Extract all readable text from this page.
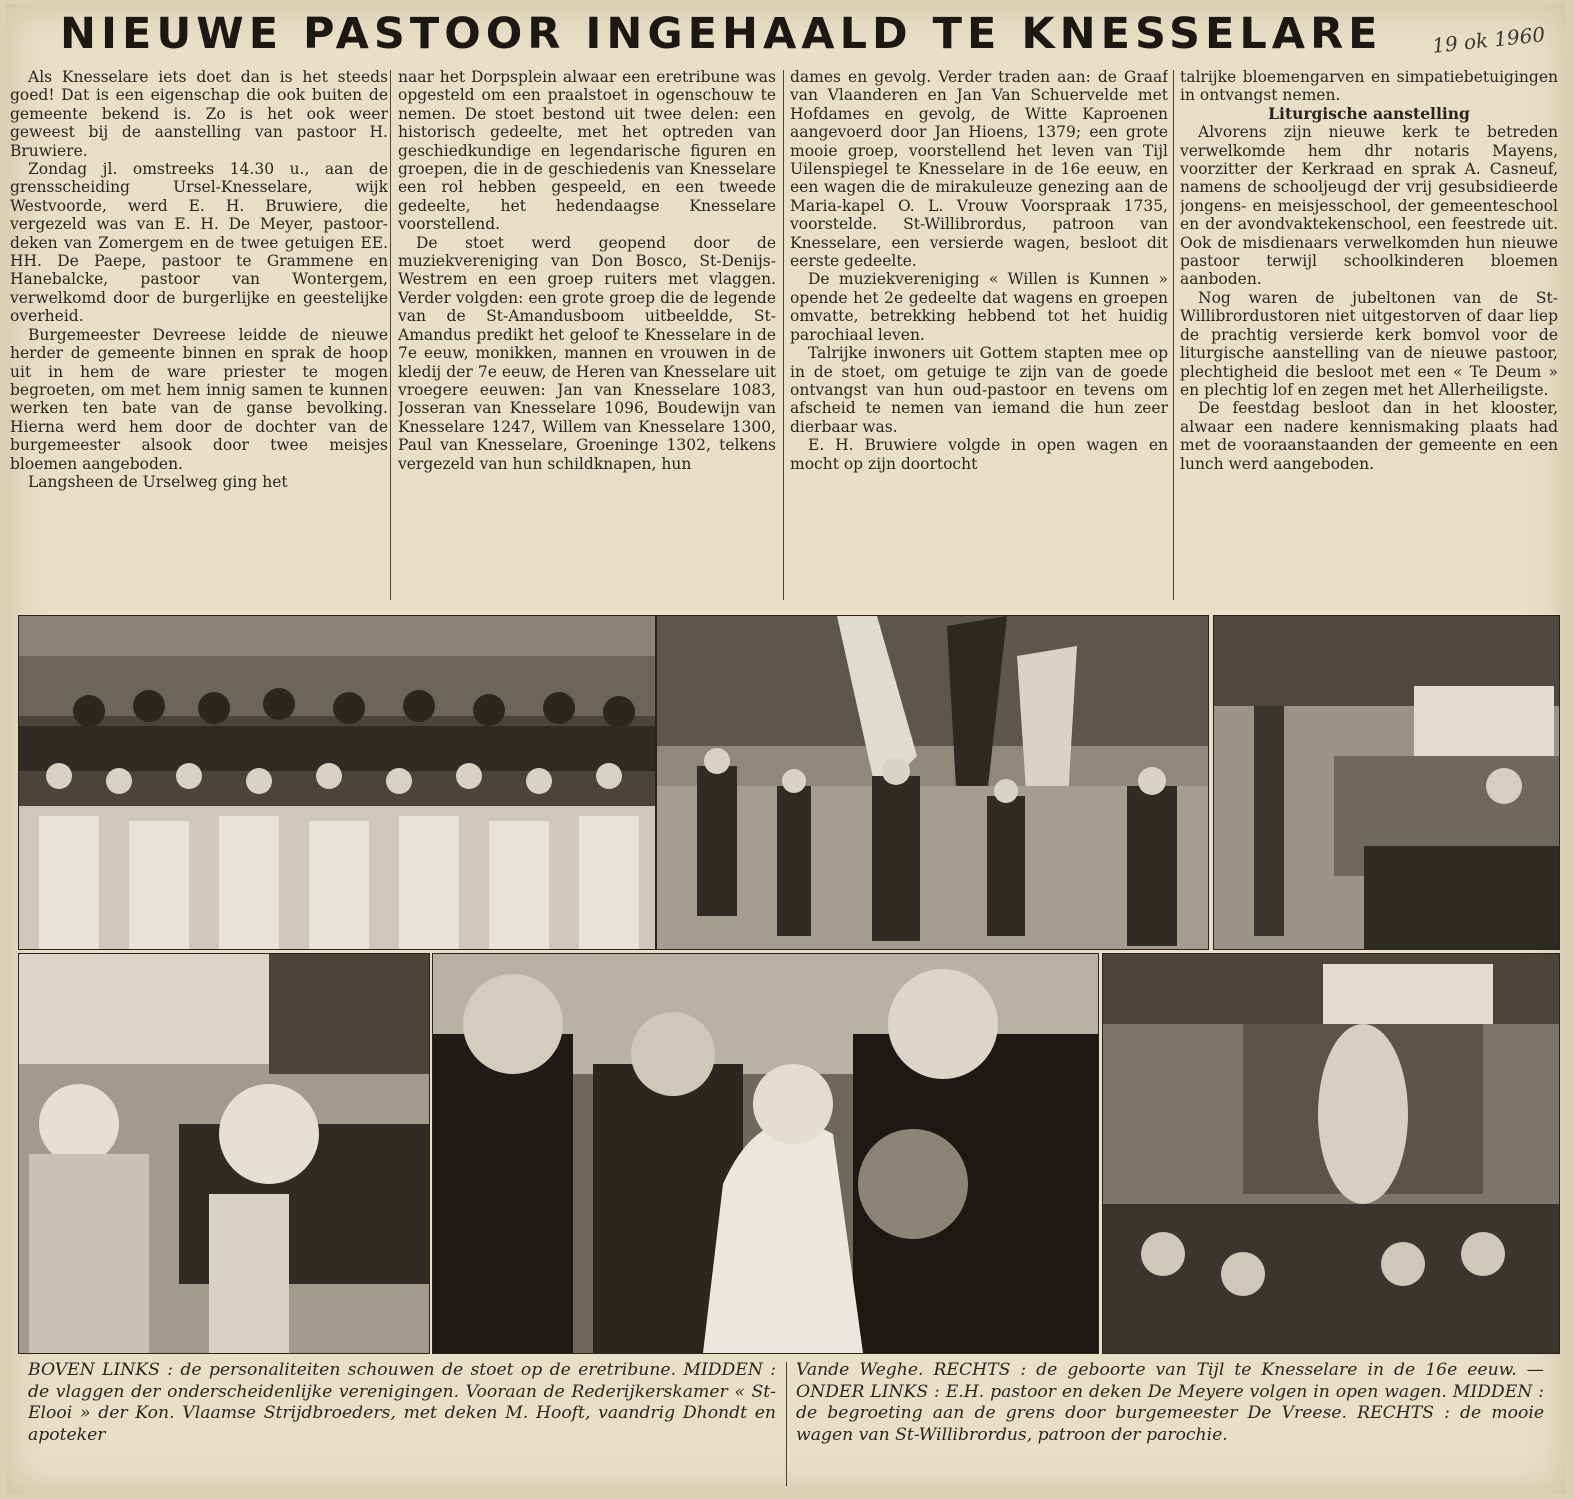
NIEUWE PASTOOR INGEHAALD TE KNESSELARE	19 ok 1960

Als Knesselare iets doet dan is het steeds goed! Dat is een eigenschap die ook buiten de gemeente bekend is. Zo is het ook weer geweest bij de aanstelling van pastoor H. Bruwiere.

Zondag jl. omstreeks 14.30 u., aan de grensscheiding Ursel-Knesselare, wijk Westvoorde, werd E. H. Bruwiere, die vergezeld was van E. H. De Meyer, pastoor-deken van Zomergem en de twee getuigen EE. HH. De Paepe, pastoor te Grammene en Hanebalcke, pastoor van Wontergem, verwelkomd door de burgerlijke en geestelijke overheid.

Burgemeester Devreese leidde de nieuwe herder de gemeente binnen en sprak de hoop uit in hem de ware priester te mogen begroeten, om met hem innig samen te kunnen werken ten bate van de ganse bevolking. Hierna werd hem door de dochter van de burgemeester alsook door twee meisjes bloemen aangeboden.

Langsheen de Urselweg ging het

naar het Dorpsplein alwaar een eretribune was opgesteld om een praalstoet in ogenschouw te nemen. De stoet bestond uit twee delen: een historisch gedeelte, met het optreden van geschiedkundige en legendarische figuren en groepen, die in de geschiedenis van Knesselare een rol hebben gespeeld, en een tweede gedeelte, het hedendaagse Knesselare voorstellend.

De stoet werd geopend door de muziekvereniging van Don Bosco, St-Denijs-Westrem en een groep ruiters met vlaggen. Verder volgden: een grote groep die de legende van de St-Amandusboom uitbeeldde, St-Amandus predikt het geloof te Knesselare in de 7e eeuw, monikken, mannen en vrouwen in de kledij der 7e eeuw, de Heren van Knesselare uit vroegere eeuwen: Jan van Knesselare 1083, Josseran van Knesselare 1096, Boudewijn van Knesselare 1247, Willem van Knesselare 1300, Paul van Knesselare, Groeninge 1302, telkens vergezeld van hun schildknapen, hun

dames en gevolg. Verder traden aan: de Graaf van Vlaanderen en Jan Van Schuervelde met Hofdames en gevolg, de Witte Kaproenen aangevoerd door Jan Hioens, 1379; een grote mooie groep, voorstellend het leven van Tijl Uilenspiegel te Knesselare in de 16e eeuw, en een wagen die de mirakuleuze genezing aan de Maria-kapel O. L. Vrouw Voorspraak 1735, voorstelde. St-Willibrordus, patroon van Knesselare, een versierde wagen, besloot dit eerste gedeelte.

De muziekvereniging « Willen is Kunnen » opende het 2e gedeelte dat wagens en groepen omvatte, betrekking hebbend tot het huidig parochiaal leven.

Talrijke inwoners uit Gottem stapten mee op in de stoet, om getuige te zijn van de goede ontvangst van hun oud-pastoor en tevens om afscheid te nemen van iemand die hun zeer dierbaar was.

E. H. Bruwiere volgde in open wagen en mocht op zijn doortocht

talrijke bloemengarven en simpatiebetuigingen in ontvangst nemen.

Liturgische aanstelling

Alvorens zijn nieuwe kerk te betreden verwelkomde hem dhr notaris Mayens, voorzitter der Kerkraad en sprak A. Casneuf, namens de schooljeugd der vrij gesubsidieerde jongens- en meisjesschool, der gemeenteschool en der avondvaktekenschool, een feestrede uit. Ook de misdienaars verwelkomden hun nieuwe pastoor terwijl schoolkinderen bloemen aanboden.

Nog waren de jubeltonen van de St-Willibrordustoren niet uitgestorven of daar liep de prachtig versierde kerk bomvol voor de liturgische aanstelling van de nieuwe pastoor, plechtigheid die besloot met een « Te Deum » en plechtig lof en zegen met het Allerheiligste.

De feestdag besloot dan in het klooster, alwaar een nadere kennismaking plaats had met de vooraanstaanden der gemeente en een lunch werd aangeboden.

BOVEN LINKS : de personaliteiten schouwen de stoet op de eretribune. MIDDEN : de vlaggen der onderscheidenlijke verenigingen. Vooraan de Rederijkerskamer « St-Elooi » der Kon. Vlaamse Strijdbroeders, met deken M. Hooft, vaandrig Dhondt en apoteker
Vande Weghe. RECHTS : de geboorte van Tijl te Knesselare in de 16e eeuw. — ONDER LINKS : E.H. pastoor en deken De Meyere volgen in open wagen. MIDDEN : de begroeting aan de grens door burgemeester De Vreese. RECHTS : de mooie wagen van St-Willibrordus, patroon der parochie.
